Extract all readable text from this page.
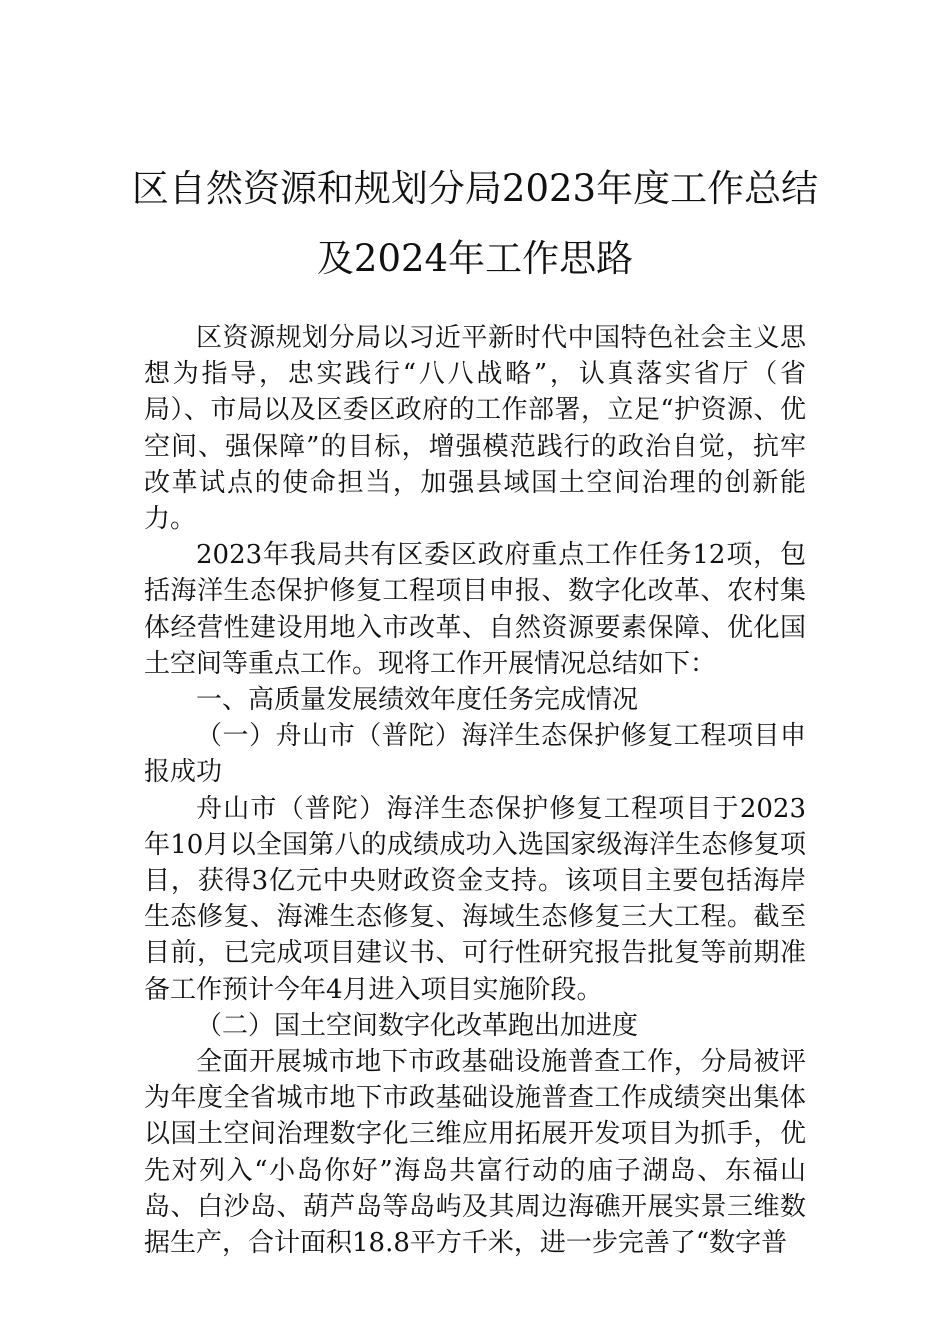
区自然资源和规划分局2023年度工作总结
及2024年工作思路

区资源规划分局以习近平新时代中国特色社会主义思想为指导，忠实践行“八八战略”，认真落实省厅（省局）、市局以及区委区政府的工作部署，立足“护资源、优空间、强保障”的目标，增强模范践行的政治自觉，抗牢改革试点的使命担当，加强县域国土空间治理的创新能力。

2023年我局共有区委区政府重点工作任务12项，包括海洋生态保护修复工程项目申报、数字化改革、农村集体经营性建设用地入市改革、自然资源要素保障、优化国土空间等重点工作。现将工作开展情况总结如下：

一、高质量发展绩效年度任务完成情况

（一）舟山市（普陀）海洋生态保护修复工程项目申报成功

舟山市（普陀）海洋生态保护修复工程项目于2023年10月以全国第八的成绩成功入选国家级海洋生态修复项目，获得3亿元中央财政资金支持。该项目主要包括海岸生态修复、海滩生态修复、海域生态修复三大工程。截至目前，已完成项目建议书、可行性研究报告批复等前期准备工作预计今年4月进入项目实施阶段。

（二）国土空间数字化改革跑出加进度

全面开展城市地下市政基础设施普查工作，分局被评为年度全省城市地下市政基础设施普查工作成绩突出集体以国土空间治理数字化三维应用拓展开发项目为抓手，优先对列入“小岛你好”海岛共富行动的庙子湖岛、东福山岛、白沙岛、葫芦岛等岛屿及其周边海礁开展实景三维数据生产，合计面积18.8平方千米，进一步完善了“数字普
